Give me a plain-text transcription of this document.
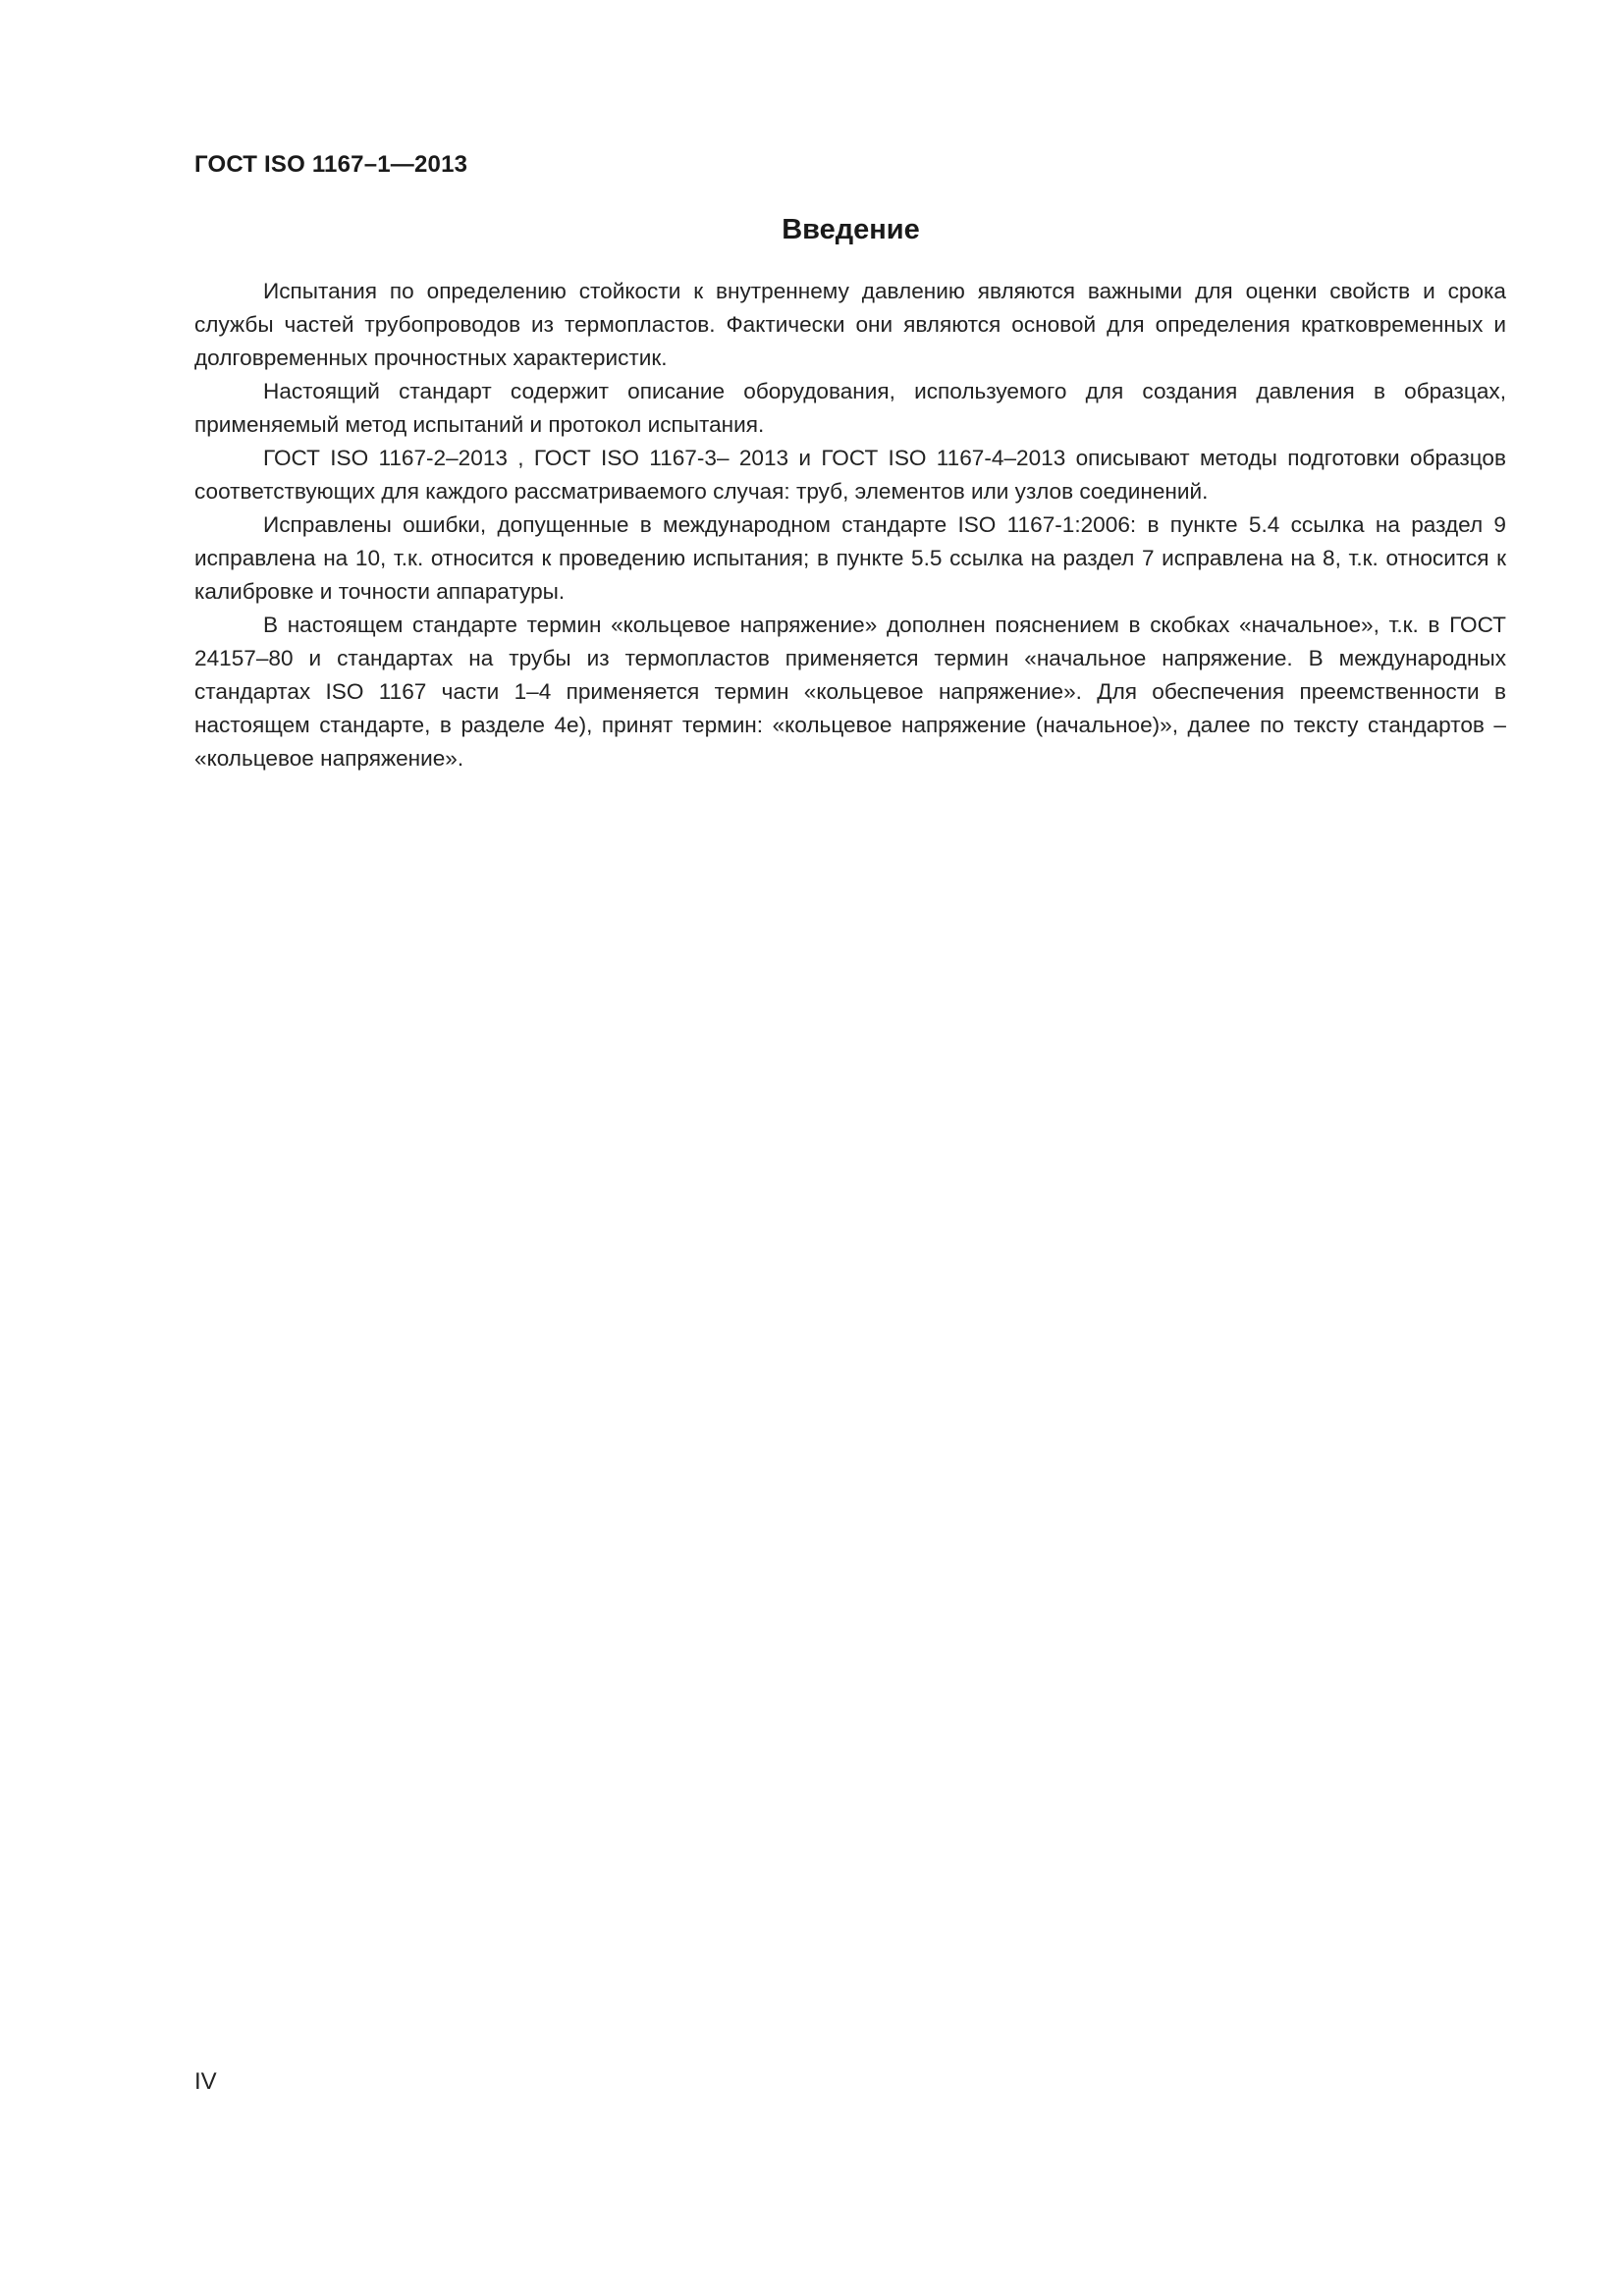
ГОСТ ISO 1167–1—2013
Введение

Испытания по определению стойкости к внутреннему давлению являются важными для оценки свойств и срока службы частей трубопроводов из термопластов. Фактически они являются основой для определения кратковременных и долговременных прочностных характеристик.

Настоящий стандарт содержит описание оборудования, используемого для создания давления в образцах, применяемый метод испытаний и протокол испытания.

ГОСТ ISO 1167-2–2013 , ГОСТ ISO 1167-3– 2013 и ГОСТ ISO 1167-4–2013 описывают методы подготовки образцов соответствующих для каждого рассматриваемого случая: труб, элементов или узлов соединений.

Исправлены ошибки, допущенные в международном стандарте ISO 1167-1:2006: в пункте 5.4 ссылка на раздел 9 исправлена на 10, т.к. относится к проведению испытания; в пункте 5.5 ссылка на раздел 7 исправлена на 8, т.к. относится к калибровке и точности аппаратуры.

В настоящем стандарте термин «кольцевое напряжение» дополнен пояснением в скобках «начальное», т.к. в ГОСТ 24157–80 и стандартах на трубы из термопластов применяется термин «начальное напряжение. В международных стандартах ISO 1167 части 1–4 применяется термин «кольцевое напряжение». Для обеспечения преемственности в настоящем стандарте, в разделе 4е), принят термин: «кольцевое напряжение (начальное)», далее по тексту стандартов – «кольцевое напряжение».

IV
